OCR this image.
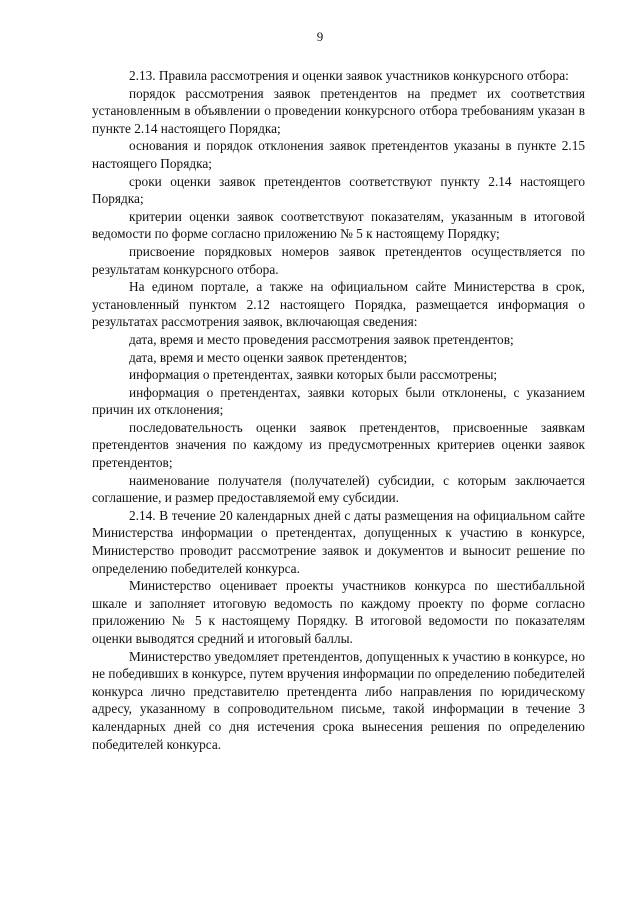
9

2.13. Правила рассмотрения и оценки заявок участников конкурсного отбора:

порядок рассмотрения заявок претендентов на предмет их соответствия установленным в объявлении о проведении конкурсного отбора требованиям указан в пункте 2.14 настоящего Порядка;

основания и порядок отклонения заявок претендентов указаны в пункте 2.15 настоящего Порядка;

сроки оценки заявок претендентов соответствуют пункту 2.14 настоящего Порядка;

критерии оценки заявок соответствуют показателям, указанным в итоговой ведомости по форме согласно приложению № 5 к настоящему Порядку;

присвоение порядковых номеров заявок претендентов осуществляется по результатам конкурсного отбора.

На едином портале, а также на официальном сайте Министерства в срок, установленный пунктом 2.12 настоящего Порядка, размещается информация о результатах рассмотрения заявок, включающая сведения:

дата, время и место проведения рассмотрения заявок претендентов;

дата, время и место оценки заявок претендентов;

информация о претендентах, заявки которых были рассмотрены;

информация о претендентах, заявки которых были отклонены, с указанием причин их отклонения;

последовательность оценки заявок претендентов, присвоенные заявкам претендентов значения по каждому из предусмотренных критериев оценки заявок претендентов;

наименование получателя (получателей) субсидии, с которым заключается соглашение, и размер предоставляемой ему субсидии.

2.14. В течение 20 календарных дней с даты размещения на официальном сайте Министерства информации о претендентах, допущенных к участию в конкурсе, Министерство проводит рассмотрение заявок и документов и выносит решение по определению победителей конкурса.

Министерство оценивает проекты участников конкурса по шестибалльной шкале и заполняет итоговую ведомость по каждому проекту по форме согласно приложению № 5 к настоящему Порядку. В итоговой ведомости по показателям оценки выводятся средний и итоговый баллы.

Министерство уведомляет претендентов, допущенных к участию в конкурсе, но не победивших в конкурсе, путем вручения информации по определению победителей конкурса лично представителю претендента либо направления по юридическому адресу, указанному в сопроводительном письме, такой информации в течение 3 календарных дней со дня истечения срока вынесения решения по определению победителей конкурса.
